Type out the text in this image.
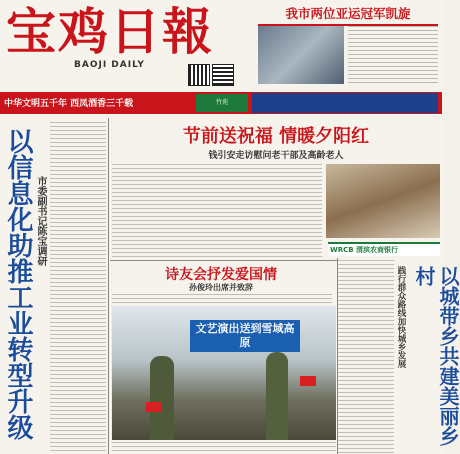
宝鸡日報
BAOJI DAILY
我市两位亚运冠军凯旋
中华文明五千年 西凤酒香三千载	竹苑
以信息化助推工业转型升级 市委副书记陈宝调研
节前送祝福 情暖夕阳红
钱引安走访慰问老干部及高龄老人
WRCB 渭滨农商银行
诗友会抒发爱国情
孙俊玲出席并致辞
文艺演出送到雪域高原	践行群众路线加快城乡发展	以城带乡共建美丽乡村
